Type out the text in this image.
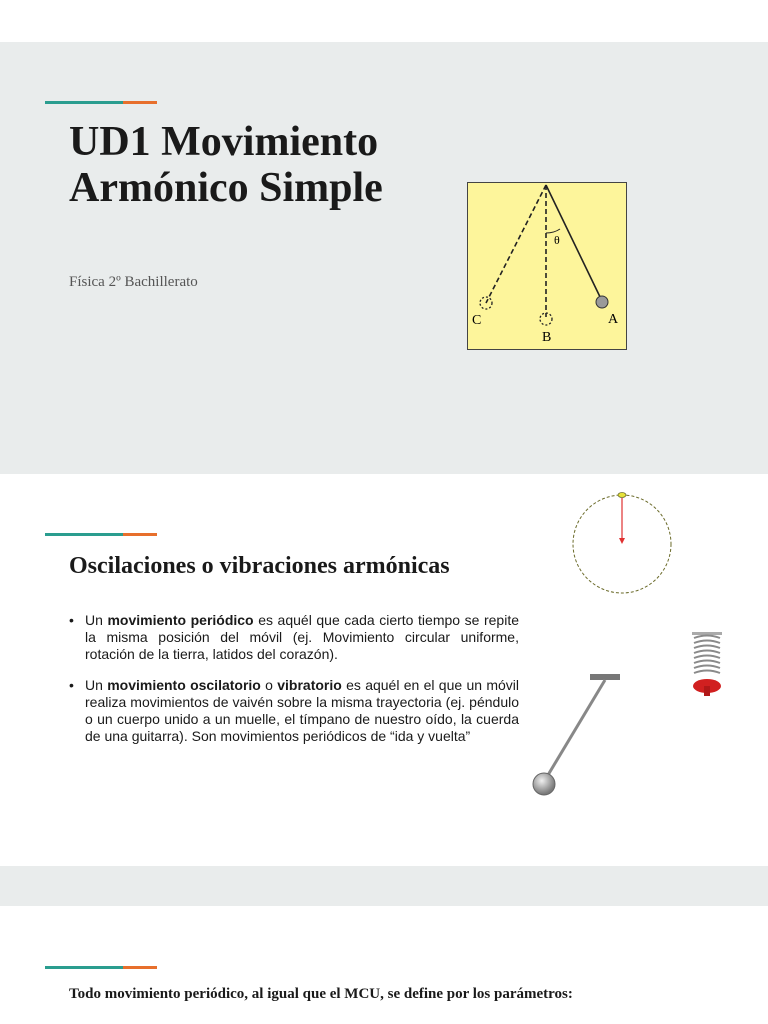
UD1 Movimiento Armónico Simple
Física 2º Bachillerato
θ
C
B
A
Oscilaciones o vibraciones armónicas
• Un movimiento periódico es aquél que cada cierto tiempo se repite la misma posición del móvil (ej. Movimiento circular uniforme, rotación de la tierra, latidos del corazón).
• Un movimiento oscilatorio o vibratorio es aquél en el que un móvil realiza movimientos de vaivén sobre la misma trayectoria (ej. péndulo o un cuerpo unido a un muelle, el tímpano de nuestro oído, la cuerda de una guitarra). Son movimientos periódicos de “ida y vuelta”

Todo movimiento periódico, al igual que el MCU, se define por los parámetros:
